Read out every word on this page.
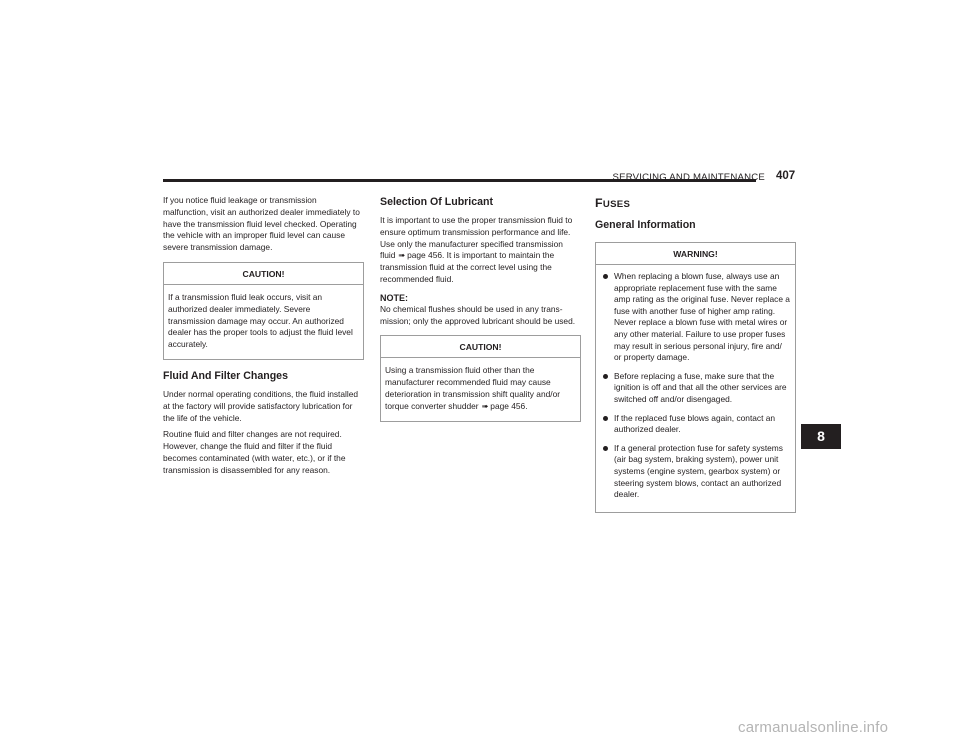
SERVICING AND MAINTENANCE 407

If you notice fluid leakage or transmission malfunction, visit an authorized dealer immediately to have the transmission fluid level checked. Operating the vehicle with an improper fluid level can cause severe transmission damage.

CAUTION!

If a transmission fluid leak occurs, visit an authorized dealer immediately. Severe transmission damage may occur. An authorized dealer has the proper tools to adjust the fluid level accurately.

Fluid And Filter Changes

Under normal operating conditions, the fluid installed at the factory will provide satisfactory lubrication for the life of the vehicle.

Routine fluid and filter changes are not required. However, change the fluid and filter if the fluid becomes contaminated (with water, etc.), or if the transmission is disassembled for any reason.

Selection Of Lubricant

It is important to use the proper transmission fluid to ensure optimum transmission performance and life. Use only the manufacturer specified transmission fluid ➠ page 456. It is important to maintain the transmission fluid at the correct level using the recommended fluid.

NOTE:

No chemical flushes should be used in any trans-mission; only the approved lubricant should be used.

CAUTION!

Using a transmission fluid other than the manufacturer recommended fluid may cause deterioration in transmission shift quality and/or torque converter shudder ➠ page 456.

FUSES
General Information
WARNING!
When replacing a blown fuse, always use an appropriate replacement fuse with the same amp rating as the original fuse. Never replace a fuse with another fuse of higher amp rating. Never replace a blown fuse with metal wires or any other material. Failure to use proper fuses may result in serious personal injury, fire and/ or property damage.
Before replacing a fuse, make sure that the ignition is off and that all the other services are switched off and/or disengaged.
If the replaced fuse blows again, contact an authorized dealer.
If a general protection fuse for safety systems (air bag system, braking system), power unit systems (engine system, gearbox system) or steering system blows, contact an authorized dealer.
8
carmanualsonline.info
